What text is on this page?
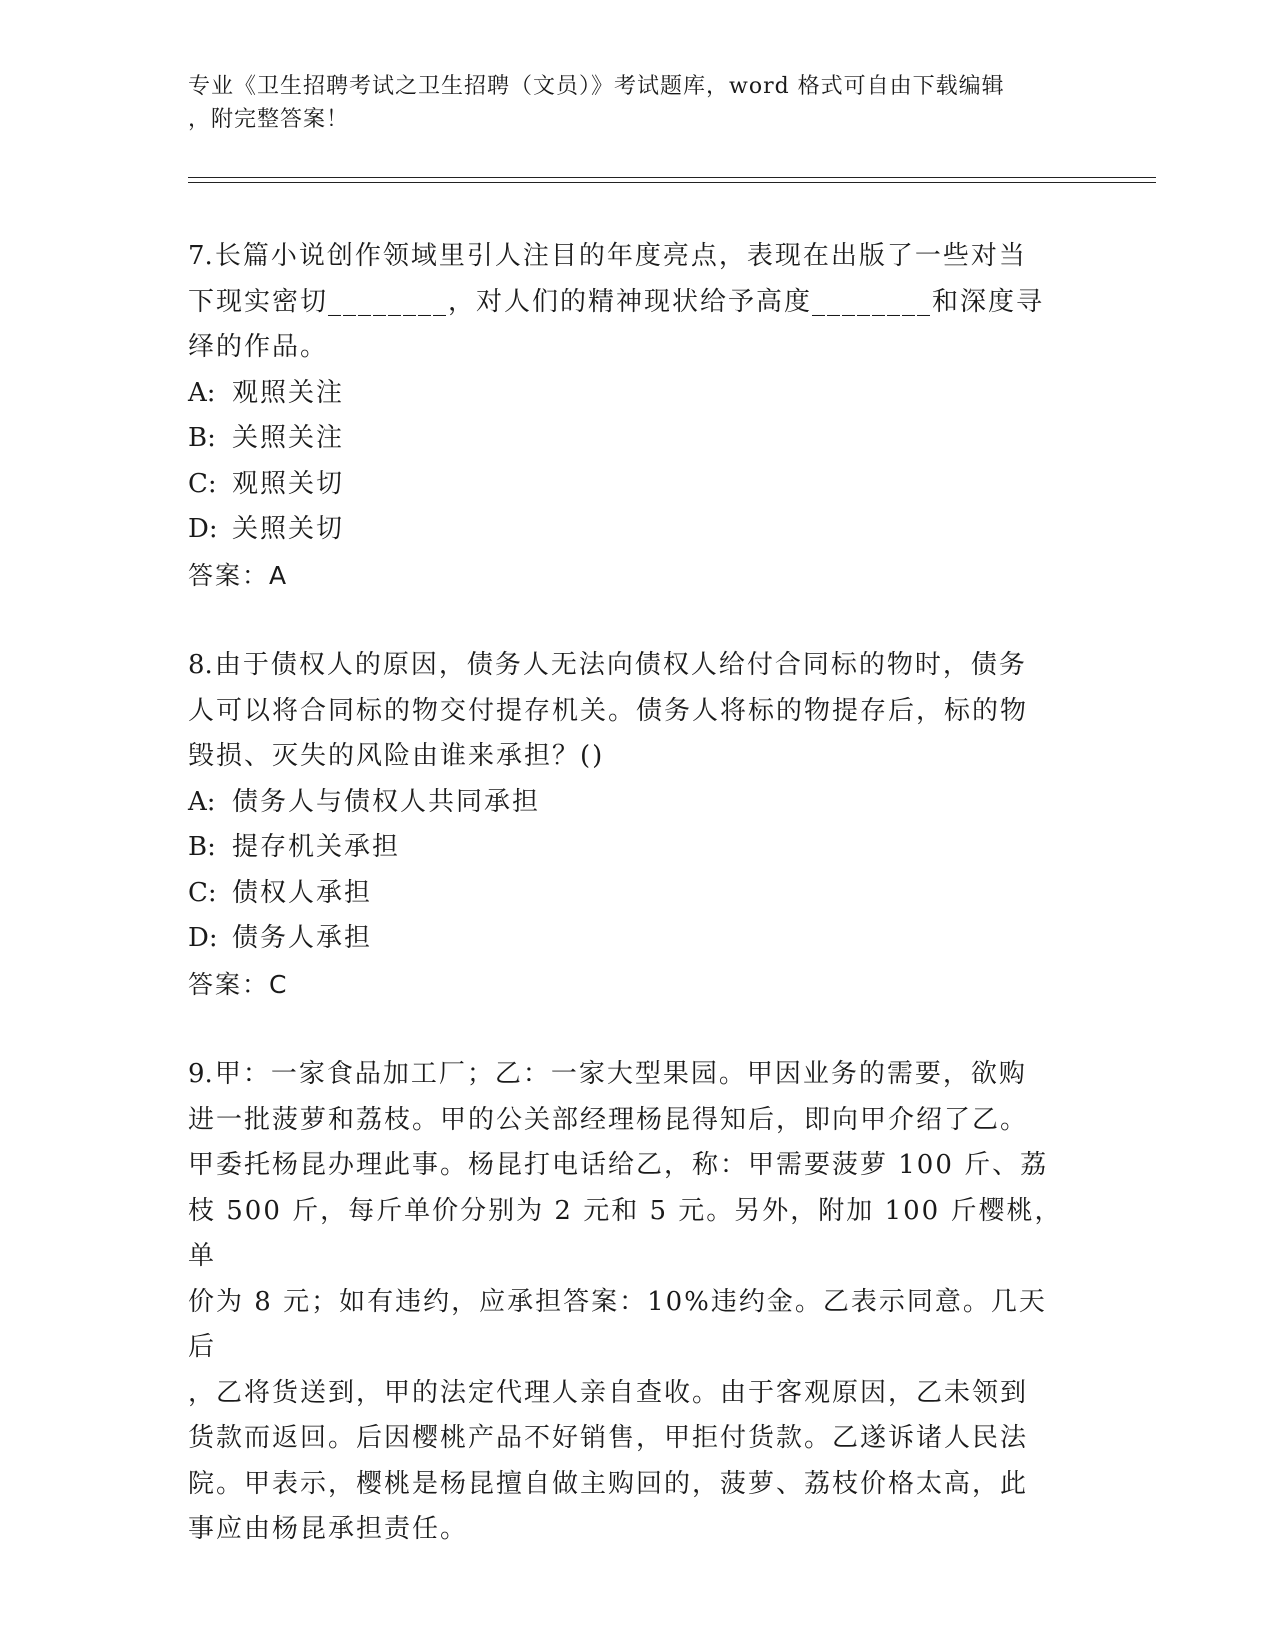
专业《卫生招聘考试之卫生招聘（文员）》考试题库，word 格式可自由下载编辑
，附完整答案！

7.长篇小说创作领域里引人注目的年度亮点，表现在出版了一些对当

下现实密切________，对人们的精神现状给予高度________和深度寻

绎的作品。

A: 观照关注

B: 关照关注

C: 观照关切

D: 关照关切

答案：A

8.由于债权人的原因，债务人无法向债权人给付合同标的物时，债务

人可以将合同标的物交付提存机关。债务人将标的物提存后，标的物

毁损、灭失的风险由谁来承担？()

A: 债务人与债权人共同承担

B: 提存机关承担

C: 债权人承担

D: 债务人承担

答案：C

9.甲：一家食品加工厂；乙：一家大型果园。甲因业务的需要，欲购

进一批菠萝和荔枝。甲的公关部经理杨昆得知后，即向甲介绍了乙。

甲委托杨昆办理此事。杨昆打电话给乙，称：甲需要菠萝 100 斤、荔

枝 500 斤，每斤单价分别为 2 元和 5 元。另外，附加 100 斤樱桃，单

价为 8 元；如有违约，应承担答案：10%违约金。乙表示同意。几天后

，乙将货送到，甲的法定代理人亲自查收。由于客观原因，乙未领到

货款而返回。后因樱桃产品不好销售，甲拒付货款。乙遂诉诸人民法

院。甲表示，樱桃是杨昆擅自做主购回的，菠萝、荔枝价格太高，此

事应由杨昆承担责任。
